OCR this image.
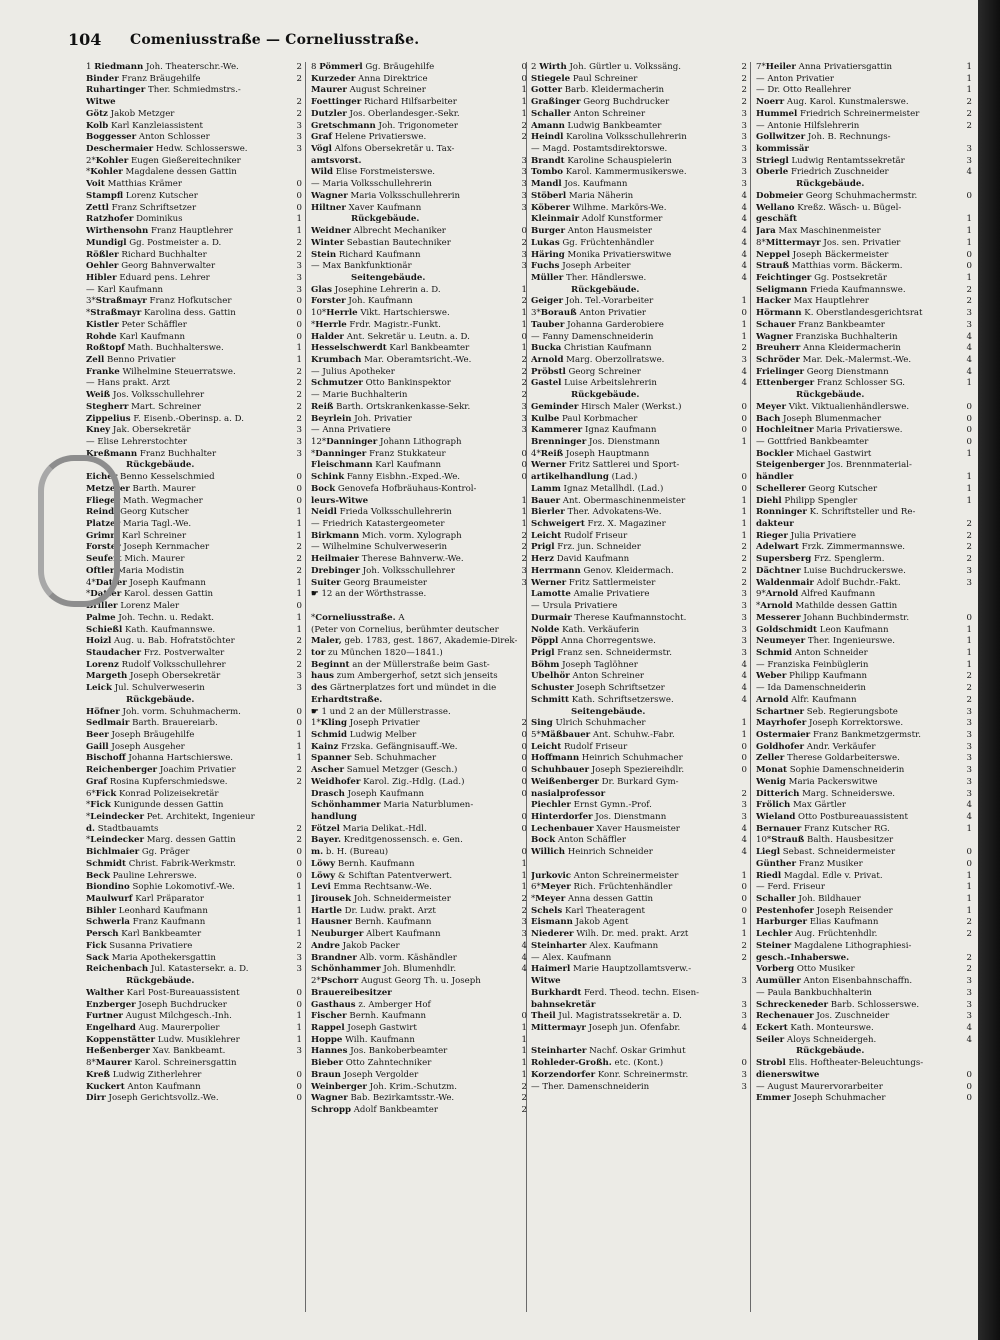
104 Comeniusstraße — Corneliusstraße.
1 Riedmann Joh. Theaterschr.-We.	2
Binder Franz Bräugehilfe	2
Ruhartinger Ther. Schmiedmstrs.-
Witwe	2
Götz Jakob Metzger	2
Kolb Karl Kanzleiassistent	3
Boggesser Anton Schlosser	3
Deschermaier Hedw. Schlosserswe.	3
2*Kohler Eugen Gießereitechniker
*Kohler Magdalene dessen Gattin
Voit Matthias Krämer	0
Stampfl Lorenz Kutscher	0
Zettl Franz Schriftsetzer	0
Ratzhofer Dominikus	1
Wirthensohn Franz Hauptlehrer	1
Mundigl Gg. Postmeister a. D.	2
Rößler Richard Buchhalter	2
Oehler Georg Bahnverwalter	3
Hibler Eduard pens. Lehrer	3
— Karl Kaufmann	3
3*Straßmayr Franz Hofkutscher	0
*Straßmayr Karolina dess. Gattin	0
Kistler Peter Schäffler	0
Rohde Karl Kaufmann	0
Roßtopf Math. Buchhalterswe.	1
Zell Benno Privatier	1
Franke Wilhelmine Steuerratswe.	2
— Hans prakt. Arzt	2
Weiß Jos. Volksschullehrer	2
Stegherr Mart. Schreiner	2
Zippelius F. Eisenb.-Oberinsp. a. D.	2
Kney Jak. Obersekretär	3
— Elise Lehrerstochter	3
Kreßmann Franz Buchhalter	3
Rückgebäude.
Eicher Benno Kesselschmied	0
Metzerer Barth. Maurer	0
Flieger Math. Wegmacher	0
Reindl Georg Kutscher	1
Platzer Maria Tagl.-We.	1
Grimm Karl Schreiner	1
Forster Joseph Kernmacher	2
Seufert Mich. Maurer	2
Oftler Maria Modistin	2
4*Datter Joseph Kaufmann	1
*Datter Karol. dessen Gattin	1
Briller Lorenz Maler	0
Palme Joh. Techn. u. Redakt.	1
Schießl Kath. Kaufmannswe.	1
Hoizl Aug. u. Bab. Hofratstöchter	2
Staudacher Frz. Postverwalter	2
Lorenz Rudolf Volksschullehrer	2
Margeth Joseph Obersekretär	3
Leick Jul. Schulverweserin	3
Rückgebäude.
Höfner Joh. vorm. Schuhmacherm.	0
Sedlmair Barth. Brauereiarb.	0
Beer Joseph Bräugehilfe	1
Gaill Joseph Ausgeher	1
Bischoff Johanna Hartschierswe.	1
Reichenberger Joachim Privatier	2
Graf Rosina Kupferschmiedswe.	2
6*Fick Konrad Polizeisekretär
*Fick Kunigunde dessen Gattin
*Leindecker Pet. Architekt, Ingenieur
d. Stadtbauamts	2
*Leindecker Marg. dessen Gattin	2
Bichlmaier Gg. Präger	0
Schmidt Christ. Fabrik-Werkmstr.	0
Beck Pauline Lehrerswe.	0
Biondino Sophie Lokomotivf.-We.	1
Maulwurf Karl Präparator	1
Bihler Leonhard Kaufmann	1
Schwerla Franz Kaufmann	1
Persch Karl Bankbeamter	1
Fick Susanna Privatiere	2
Sack Maria Apothekersgattin	3
Reichenbach Jul. Katastersekr. a. D.	3
Rückgebäude.
Walther Karl Post-Bureauassistent	0
Enzberger Joseph Buchdrucker	0
Furtner August Milchgesch.-Inh.	1
Engelhard Aug. Maurerpolier	1
Koppenstätter Ludw. Musiklehrer	1
Heßenberger Xav. Bankbeamt.	3
8*Maurer Karol. Schreinersgattin
Kreß Ludwig Zitherlehrer	0
Kuckert Anton Kaufmann	0
Dirr Joseph Gerichtsvollz.-We.	0
8 Pömmerl Gg. Bräugehilfe	0
Kurzeder Anna Direktrice	0
Maurer August Schreiner	1
Foettinger Richard Hilfsarbeiter	1
Dutzler Jos. Oberlandesger.-Sekr.	1
Gretschmann Joh. Trigonometer	2
Graf Helene Privatierswe.	2
Vögl Alfons Obersekretär u. Tax-
amtsvorst.	3
Wild Elise Forstmeisterswe.	3
— Maria Volksschullehrerin	3
Wagner Maria Volksschullehrerin	3
Hiltner Xaver Kaufmann	3
Rückgebäude.
Weidner Albrecht Mechaniker	0
Winter Sebastian Bautechniker	2
Stein Richard Kaufmann	3
— Max Bankfunktionär	3
Seitengebäude.
Glas Josephine Lehrerin a. D.	1
Forster Joh. Kaufmann	2
10*Herrle Vikt. Hartschierswe.	1
*Herrle Frdr. Magistr.-Funkt.	1
Halder Ant. Sekretär u. Leutn. a. D.	0
Hesselschwerdt Karl Bankbeamter	1
Krumbach Mar. Oberamtsricht.-We.	2
— Julius Apotheker	2
Schmutzer Otto Bankinspektor	2
— Marie Buchhalterin	2
Reiß Barth. Ortskrankenkasse-Sekr.	3
Beyrlein Joh. Privatier	3
— Anna Privatiere	3
12*Danninger Johann Lithograph
*Danninger Franz Stukkateur	0
Fleischmann Karl Kaufmann	0
Schink Fanny Eisbhn.-Exped.-We.	0
Bock Genovefa Hofbräuhaus-Kontrol-
leurs-Witwe	1
Neidl Frieda Volksschullehrerin	1
— Friedrich Katastergeometer	1
Birkmann Mich. vorm. Xylograph	2
— Wilhelmine Schulverweserin	2
Heilmaier Therese Bahnverw.-We.	2
Drebinger Joh. Volksschullehrer	3
Suiter Georg Braumeister	3
☛ 12 an der Wörthstrasse.
*Corneliusstraße. A
(Peter von Cornelius, berühmter deutscher
Maler, geb. 1783, gest. 1867, Akademie-Direk-
tor zu München 1820—1841.)
Beginnt an der Müllerstraße beim Gast-
haus zum Ambergerhof, setzt sich jenseits
des Gärtnerplatzes fort und mündet in die
Erhardtstraße.
☛ 1 und 2 an der Müllerstrasse.
1*Kling Joseph Privatier	2
Schmid Ludwig Melber	0
Kainz Frzska. Gefängnisauff.-We.	0
Spanner Seb. Schuhmacher	0
Ascher Samuel Metzger (Gesch.)	0
Weidhofer Karol. Zig.-Hdlg. (Lad.)	0
Drasch Joseph Kaufmann	0
Schönhammer Maria Naturblumen-
handlung	0
Fötzel Maria Delikat.-Hdl.	0
Bayer. Kreditgenossensch. e. Gen.
m. b. H. (Bureau)	0
Löwy Bernh. Kaufmann	1
Löwy & Schiftan Patentverwert.	1
Levi Emma Rechtsanw.-We.	1
Jirousek Joh. Schneidermeister	2
Hartle Dr. Ludw. prakt. Arzt	2
Hausner Bernh. Kaufmann	3
Neuburger Albert Kaufmann	3
Andre Jakob Packer	4
Brandner Alb. vorm. Käshändler	4
Schönhammer Joh. Blumenhdlr.	4
2*Pschorr August Georg Th. u. Joseph
Brauereibesitzer
Gasthaus z. Amberger Hof
Fischer Bernh. Kaufmann	0
Rappel Joseph Gastwirt	1
Hoppe Wilh. Kaufmann	1
Hannes Jos. Bankoberbeamter	1
Bieber Otto Zahntechniker	1
Braun Joseph Vergolder	1
Weinberger Joh. Krim.-Schutzm.	2
Wagner Bab. Bezirkamtsstr.-We.	2
Schropp Adolf Bankbeamter	2
2 Wirth Joh. Gürtler u. Volkssäng.	2
Stiegele Paul Schreiner	2
Gotter Barb. Kleidermacherin	2
Graßinger Georg Buchdrucker	2
Schaller Anton Schreiner	3
Amann Ludwig Bankbeamter	3
Heindl Karolina Volksschullehrerin	3
— Magd. Postamtsdirektorswe.	3
Brandt Karoline Schauspielerin	3
Tombo Karol. Kammermusikerswe.	3
Mandl Jos. Kaufmann	3
Stöberl Maria Näherin	4
Köberer Wilhme. Markörs-We.	4
Kleinmair Adolf Kunstformer	4
Burger Anton Hausmeister	4
Lukas Gg. Früchtenhändler	4
Häring Monika Privatierswitwe	4
Fuchs Joseph Arbeiter	4
Müller Ther. Händlerswe.	4
Rückgebäude.
Geiger Joh. Tel.-Vorarbeiter	1
3*Borauß Anton Privatier	0
Tauber Johanna Garderobiere	1
— Fanny Damenschneiderin	1
Bucka Christian Kaufmann	2
Arnold Marg. Oberzollratswe.	3
Pröbstl Georg Schreiner	4
Gastel Luise Arbeitslehrerin	4
Rückgebäude.
Geminder Hirsch Maler (Werkst.)	0
Kulbe Paul Korbmacher	0
Kammerer Ignaz Kaufmann	0
Brenninger Jos. Dienstmann	1
4*Reiß Joseph Hauptmann
Werner Fritz Sattlerei und Sport-
artikelhandlung (Lad.)	0
Lamm Ignaz Metallhdl. (Lad.)	0
Bauer Ant. Obermaschinenmeister	1
Bierler Ther. Advokatens-We.	1
Schweigert Frz. X. Magaziner	1
Leicht Rudolf Friseur	1
Prigl Frz. jun. Schneider	2
Herz David Kaufmann	2
Herrmann Genov. Kleidermach.	2
Werner Fritz Sattlermeister	2
Lamotte Amalie Privatiere	3
— Ursula Privatiere	3
Durmair Therese Kaufmannstocht.	3
Nolde Kath. Verkäuferin	3
Pöppl Anna Chorregentswe.	3
Prigl Franz sen. Schneidermstr.	3
Böhm Joseph Taglöhner	4
Übelhör Anton Schreiner	4
Schuster Joseph Schriftsetzer	4
Schmitt Kath. Schriftsetzerswe.	4
Seitengebäude.
Sing Ulrich Schuhmacher	1
5*Mäßbauer Ant. Schuhw.-Fabr.	1
Leicht Rudolf Friseur	0
Hoffmann Heinrich Schuhmacher	0
Schuhbauer Joseph Speziereihdlr.	0
Weißenberger Dr. Burkard Gym-
nasialprofessor	2
Piechler Ernst Gymn.-Prof.	3
Hinterdorfer Jos. Dienstmann	3
Lechenbauer Xaver Hausmeister	4
Bock Anton Schäffler	4
Willich Heinrich Schneider	4
Jurkovic Anton Schreinermeister	1
6*Meyer Rich. Früchtenhändler	0
*Meyer Anna dessen Gattin	0
Schels Karl Theateragent	0
Eismann Jakob Agent	1
Niederer Wilh. Dr. med. prakt. Arzt	1
Steinharter Alex. Kaufmann	2
— Alex. Kaufmann	2
Haimerl Marie Hauptzollamtsverw.-
Witwe	3
Burkhardt Ferd. Theod. techn. Eisen-
bahnsekretär	3
Theil Jul. Magistratssekretär a. D.	3
Mittermayr Joseph jun. Ofenfabr.	4
Steinharter Nachf. Oskar Grimhut
Rohleder-Großh. etc. (Kont.)	0
Korzendorfer Konr. Schreinermstr.	3
— Ther. Damenschneiderin	3
7*Heiler Anna Privatiersgattin	1
— Anton Privatier	1
— Dr. Otto Reallehrer	1
Noerr Aug. Karol. Kunstmalerswe.	2
Hummel Friedrich Schreinermeister	2
— Antonie Hilfslehrerin	2
Gollwitzer Joh. B. Rechnungs-
kommissär	3
Striegl Ludwig Rentamtssekretär	3
Oberle Friedrich Zuschneider	4
Rückgebäude.
Dobmeier Georg Schuhmachermstr.	0
Wellano Kreßz. Wäsch- u. Bügel-
geschäft	1
Jara Max Maschinenmeister	1
8*Mittermayr Jos. sen. Privatier	1
Neppel Joseph Bäckermeister	0
Strauß Matthias vorm. Bäckerm.	0
Feichtinger Gg. Postsekretär	1
Seligmann Frieda Kaufmannswe.	2
Hacker Max Hauptlehrer	2
Hörmann K. Oberstlandesgerichtsrat	3
Schauer Franz Bankbeamter	3
Wagner Franziska Buchhalterin	4
Breuherr Anna Kleidermacherin	4
Schröder Mar. Dek.-Malermst.-We.	4
Frielinger Georg Dienstmann	4
Ettenberger Franz Schlosser SG.	1
Rückgebäude.
Meyer Vikt. Viktualienhändlerswe.	0
Bach Joseph Blumenmacher	0
Hochleitner Maria Privatierswe.	0
— Gottfried Bankbeamter	0
Bockler Michael Gastwirt	1
Steigenberger Jos. Brennmaterial-
händler	1
Schellerer Georg Kutscher	1
Diehl Philipp Spengler	1
Ronninger K. Schriftsteller und Re-
dakteur	2
Rieger Julia Privatiere	2
Adelwart Frzk. Zimmermannswe.	2
Supersberg Frz. Spenglerm.	2
Dächtner Luise Buchdruckerswe.	3
Waldenmair Adolf Buchdr.-Fakt.	3
9*Arnold Alfred Kaufmann
*Arnold Mathilde dessen Gattin
Messerer Johann Buchbindermstr.	0
Goldschmidt Leon Kaufmann	1
Neumeyer Ther. Ingenieurswe.	1
Schmid Anton Schneider	1
— Franziska Feinbüglerin	1
Weber Philipp Kaufmann	2
— Ida Damenschneiderin	2
Arnold Alfr. Kaufmann	2
Schartner Seb. Regierungsbote	3
Mayrhofer Joseph Korrektorswe.	3
Ostermaier Franz Bankmetzgermstr.	3
Goldhofer Andr. Verkäufer	3
Zeller Therese Goldarbeiterswe.	3
Monat Sophie Damenschneiderin	3
Wenig Maria Packerswitwe	3
Ditterich Marg. Schneiderswe.	3
Frölich Max Gärtler	4
Wieland Otto Postbureauassistent	4
Bernauer Franz Kutscher RG.	1
10*Strauß Balth. Hausbesitzer
Liegl Sebast. Schneidermeister	0
Günther Franz Musiker	0
Riedl Magdal. Edle v. Privat.	1
— Ferd. Friseur	1
Schaller Joh. Bildhauer	1
Pestenhofer Joseph Reisender	1
Harburger Elias Kaufmann	2
Lechler Aug. Früchtenhdlr.	2
Steiner Magdalene Lithographiesi-
gesch.-Inhaberswe.	2
Vorberg Otto Musiker	2
Aumüller Anton Eisenbahnschaffn.	3
— Paula Bankbuchhalterin	3
Schreckeneder Barb. Schlosserswe.	3
Rechenauer Jos. Zuschneider	3
Eckert Kath. Monteurswe.	4
Seiler Aloys Schneidergeh.	4
Rückgebäude.
Strobl Elis. Hoftheater-Beleuchtungs-
dienerswitwe	0
— August Maurervorarbeiter	0
Emmer Joseph Schuhmacher	0
